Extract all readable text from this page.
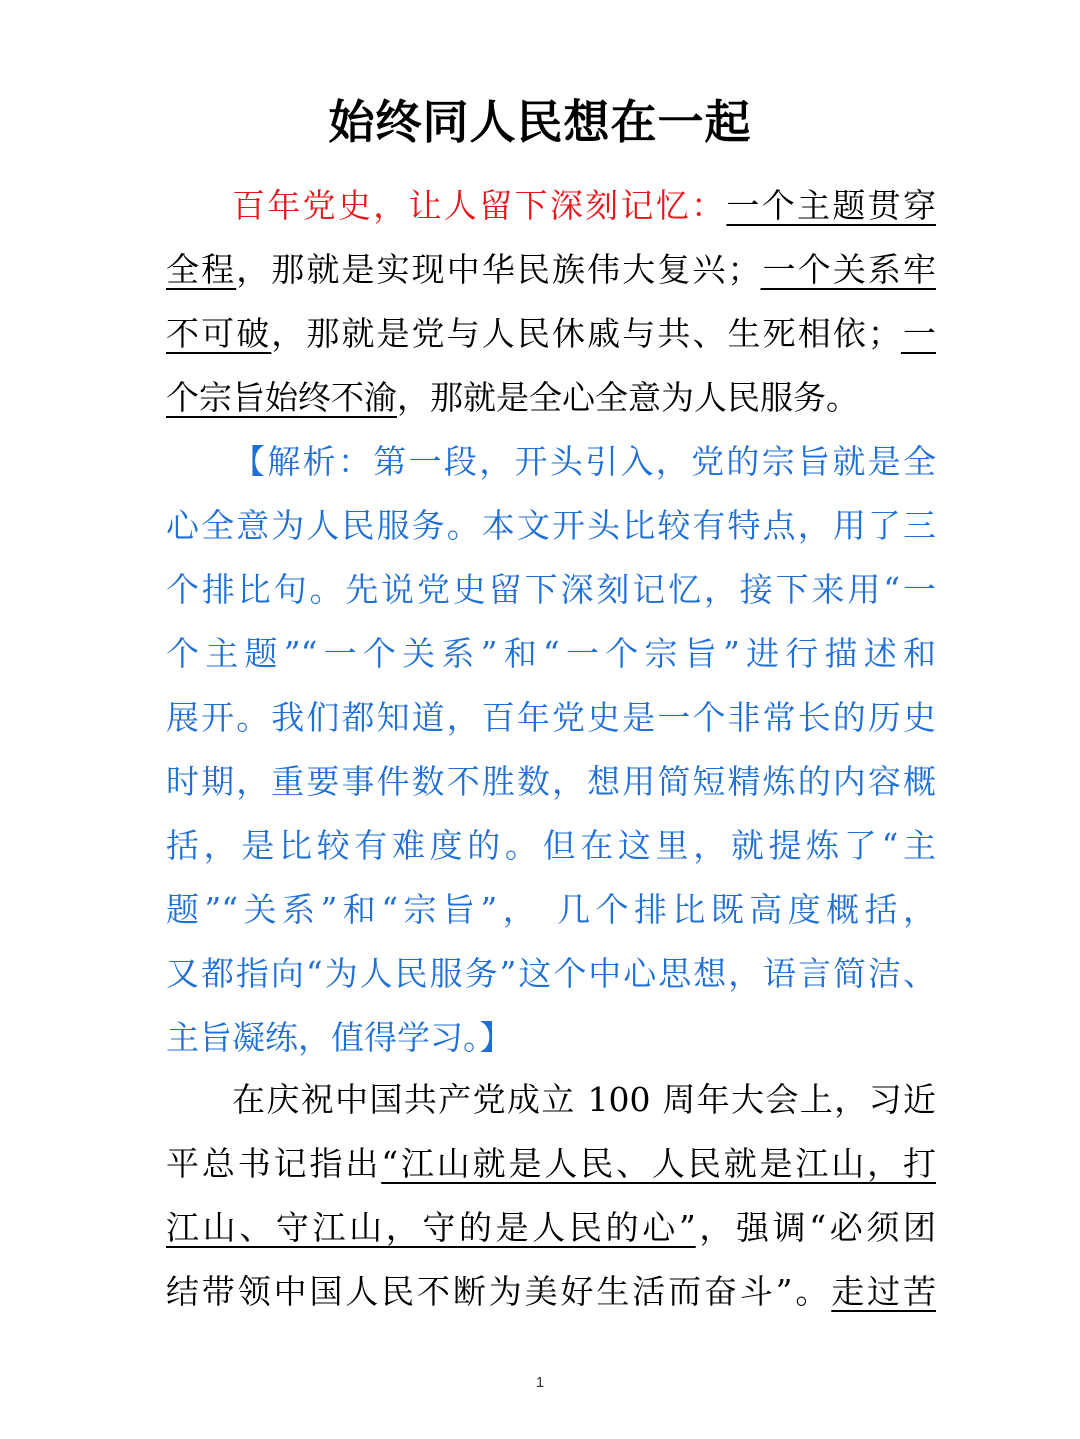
始终同人民想在一起
百年党史，让人留下深刻记忆：一个主题贯穿
全程，那就是实现中华民族伟大复兴；一个关系牢
不可破，那就是党与人民休戚与共、生死相依；一
个宗旨始终不渝，那就是全心全意为人民服务。
【解析：第一段，开头引入，党的宗旨就是全
心全意为人民服务。本文开头比较有特点，用了三
个排比句。先说党史留下深刻记忆，接下来用“一
个主题”“一个关系”和“一个宗旨”进行描述和
展开。我们都知道，百年党史是一个非常长的历史
时期，重要事件数不胜数，想用简短精炼的内容概
括，是比较有难度的。但在这里，就提炼了“主
题”“关系”和“宗旨”， 几个排比既高度概括，
又都指向“为人民服务”这个中心思想，语言简洁、
主旨凝练，值得学习。】
在庆祝中国共产党成立 100 周年大会上，习近
平总书记指出“江山就是人民、人民就是江山，打
江山、守江山，守的是人民的心”，强调“必须团
结带领中国人民不断为美好生活而奋斗”。走过苦
1
